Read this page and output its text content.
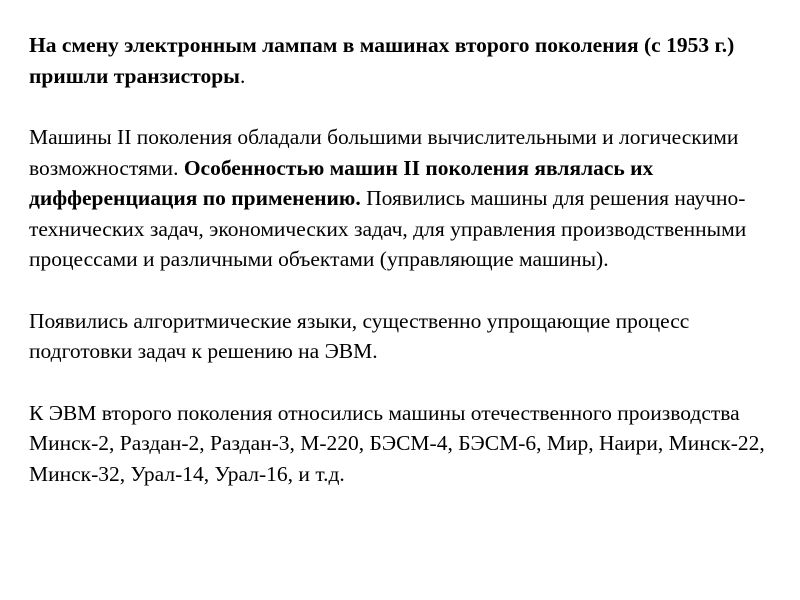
На смену электронным лампам в машинах второго поколения (с 1953 г.) пришли транзисторы.

Машины II поколения обладали большими вычислительными и логическими возможностями. Особенностью машин II поколения являлась их дифференциация по применению. Появились машины для решения научно-технических задач, экономических задач, для управления производственными процессами и различными объектами (управляющие машины).

Появились алгоритмические языки, существенно упрощающие процесс подготовки задач к решению на ЭВМ.

К ЭВМ второго поколения относились машины отечественного производства Минск-2, Раздан-2, Раздан-3, М-220, БЭСМ-4, БЭСМ-6, Мир, Наири, Минск-22, Минск-32, Урал-14, Урал-16, и т.д.
